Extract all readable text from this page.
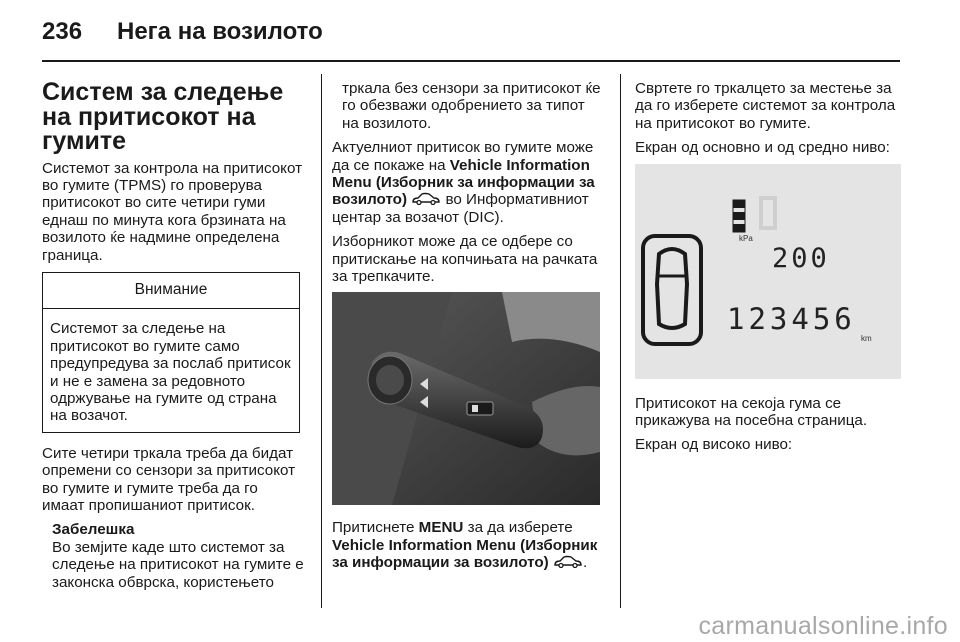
236 Нега на возилото
Систем за следење на притисокот на гумите

Системот за контрола на притисокот во гумите (TPMS) го проверува притисокот во сите четири гуми еднаш по минута кога брзината на возилото ќе надмине определена граница.

Внимание
Системот за следење на притисокот во гумите само предупредува за послаб притисок и не е замена за редовното одржување на гумите од страна на возачот.

Сите четири тркала треба да бидат опремени со сензори за притисокот во гумите и гумите треба да го имаат пропишаниот притисок.

Забелешка
Во земјите каде што системот за следење на притисокот на гумите е законска обврска, користењето

тркала без сензори за притисокот ќе го обезважи одобрението за типот на возилото.

Актуелниот притисок во гумите може да се покаже на Vehicle Information Menu (Изборник за информации за возилото)  во Информативниот центар за возачот (DIC).

Изборникот може да се одбере со притискање на копчињата на рачката за трепкачите.

Притиснете MENU за да изберете Vehicle Information Menu (Изборник за информации за возилото) .

Свртете го тркалцето за местење за да го изберете системот за контрола на притисокот во гумите.

Екран од основно и од средно ниво:

kPa
200
123456
km

Притисокот на секоја гума се прикажува на посебна страница.

Екран од високо ниво:

carmanualsonline.info
